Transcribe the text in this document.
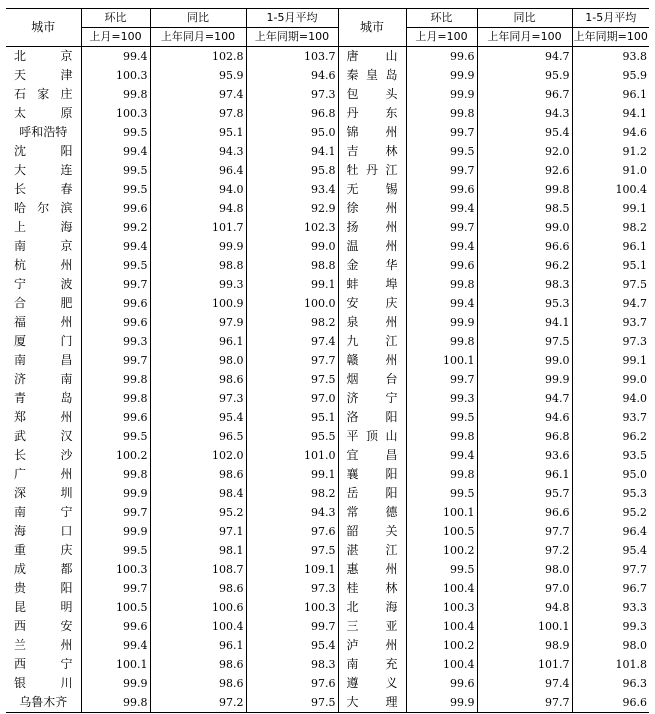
城市	环比	同比	1-5月平均	城市	环比	同比	1-5月平均
	上月=100	上年同月=100	上年同期=100		上月=100	上年同月=100	上年同期=100
北京	99.4	102.8	103.7	唐山	99.6	94.7	93.8
天津	100.3	95.9	94.6	秦皇岛	99.9	95.9	95.9
石家庄	99.8	97.4	97.3	包头	99.9	96.7	96.1
太原	100.3	97.8	96.8	丹东	99.8	94.3	94.1
呼和浩特	99.5	95.1	95.0	锦州	99.7	95.4	94.6
沈阳	99.4	94.3	94.1	吉林	99.5	92.0	91.2
大连	99.5	96.4	95.8	牡丹江	99.7	92.6	91.0
长春	99.5	94.0	93.4	无锡	99.6	99.8	100.4
哈尔滨	99.6	94.8	92.9	徐州	99.4	98.5	99.1
上海	99.2	101.7	102.3	扬州	99.7	99.0	98.2
南京	99.4	99.9	99.0	温州	99.4	96.6	96.1
杭州	99.5	98.8	98.8	金华	99.6	96.2	95.1
宁波	99.7	99.3	99.1	蚌埠	99.8	98.3	97.5
合肥	99.6	100.9	100.0	安庆	99.4	95.3	94.7
福州	99.6	97.9	98.2	泉州	99.9	94.1	93.7
厦门	99.3	96.1	97.4	九江	99.8	97.5	97.3
南昌	99.7	98.0	97.7	赣州	100.1	99.0	99.1
济南	99.8	98.6	97.5	烟台	99.7	99.9	99.0
青岛	99.8	97.3	97.0	济宁	99.3	94.7	94.0
郑州	99.6	95.4	95.1	洛阳	99.5	94.6	93.7
武汉	99.5	96.5	95.5	平顶山	99.8	96.8	96.2
长沙	100.2	102.0	101.0	宜昌	99.4	93.6	93.5
广州	99.8	98.6	99.1	襄阳	99.8	96.1	95.0
深圳	99.9	98.4	98.2	岳阳	99.5	95.7	95.3
南宁	99.7	95.2	94.3	常德	100.1	96.6	95.2
海口	99.9	97.1	97.6	韶关	100.5	97.7	96.4
重庆	99.5	98.1	97.5	湛江	100.2	97.2	95.4
成都	100.3	108.7	109.1	惠州	99.5	98.0	97.7
贵阳	99.7	98.6	97.3	桂林	100.4	97.0	96.7
昆明	100.5	100.6	100.3	北海	100.3	94.8	93.3
西安	99.6	100.4	99.7	三亚	100.4	100.1	99.3
兰州	99.4	96.1	95.4	泸州	100.2	98.9	98.0
西宁	100.1	98.6	98.3	南充	100.4	101.7	101.8
银川	99.9	98.6	97.6	遵义	99.6	97.4	96.3
乌鲁木齐	99.8	97.2	97.5	大理	99.9	97.7	96.6
